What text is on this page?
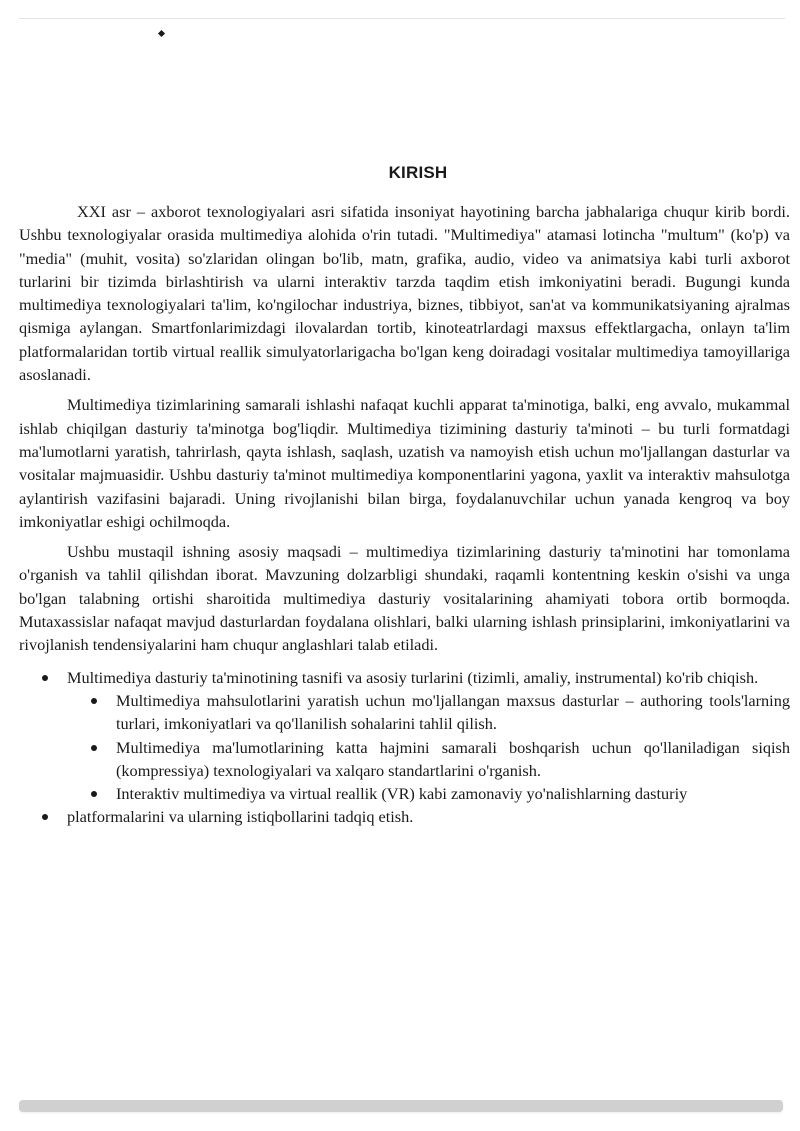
KIRISH

XXI asr – axborot texnologiyalari asri sifatida insoniyat hayotining barcha jabhalariga chuqur kirib bordi. Ushbu texnologiyalar orasida multimediya alohida o'rin tutadi. "Multimediya" atamasi lotincha "multum" (ko'p) va "media" (muhit, vosita) so'zlaridan olingan bo'lib, matn, grafika, audio, video va animatsiya kabi turli axborot turlarini bir tizimda birlashtirish va ularni interaktiv tarzda taqdim etish imkoniyatini beradi. Bugungi kunda multimediya texnologiyalari ta'lim, ko'ngilochar industriya, biznes, tibbiyot, san'at va kommunikatsiyaning ajralmas qismiga aylangan. Smartfonlarimizdagi ilovalardan tortib, kinoteatrlardagi maxsus effektlargacha, onlayn ta'lim platformalaridan tortib virtual reallik simulyatorlarigacha bo'lgan keng doiradagi vositalar multimediya tamoyillariga asoslanadi.

Multimediya tizimlarining samarali ishlashi nafaqat kuchli apparat ta'minotiga, balki, eng avvalo, mukammal ishlab chiqilgan dasturiy ta'minotga bog'liqdir. Multimediya tizimining dasturiy ta'minoti – bu turli formatdagi ma'lumotlarni yaratish, tahrirlash, qayta ishlash, saqlash, uzatish va namoyish etish uchun mo'ljallangan dasturlar va vositalar majmuasidir. Ushbu dasturiy ta'minot multimediya komponentlarini yagona, yaxlit va interaktiv mahsulotga aylantirish vazifasini bajaradi. Uning rivojlanishi bilan birga, foydalanuvchilar uchun yanada kengroq va boy imkoniyatlar eshigi ochilmoqda.

Ushbu mustaqil ishning asosiy maqsadi – multimediya tizimlarining dasturiy ta'minotini har tomonlama o'rganish va tahlil qilishdan iborat. Mavzuning dolzarbligi shundaki, raqamli kontentning keskin o'sishi va unga bo'lgan talabning ortishi sharoitida multimediya dasturiy vositalarining ahamiyati tobora ortib bormoqda. Mutaxassislar nafaqat mavjud dasturlardan foydalana olishlari, balki ularning ishlash prinsiplarini, imkoniyatlarini va rivojlanish tendensiyalarini ham chuqur anglashlari talab etiladi.

Multimediya dasturiy ta'minotining tasnifi va asosiy turlarini (tizimli, amaliy, instrumental) ko'rib chiqish.
Multimediya mahsulotlarini yaratish uchun mo'ljallangan maxsus dasturlar – authoring tools'larning turlari, imkoniyatlari va qo'llanilish sohalarini tahlil qilish.
Multimediya ma'lumotlarining katta hajmini samarali boshqarish uchun qo'llaniladigan siqish (kompressiya) texnologiyalari va xalqaro standartlarini o'rganish.
Interaktiv multimediya va virtual reallik (VR) kabi zamonaviy yo'nalishlarning dasturiy
platformalarini va ularning istiqbollarini tadqiq etish.
